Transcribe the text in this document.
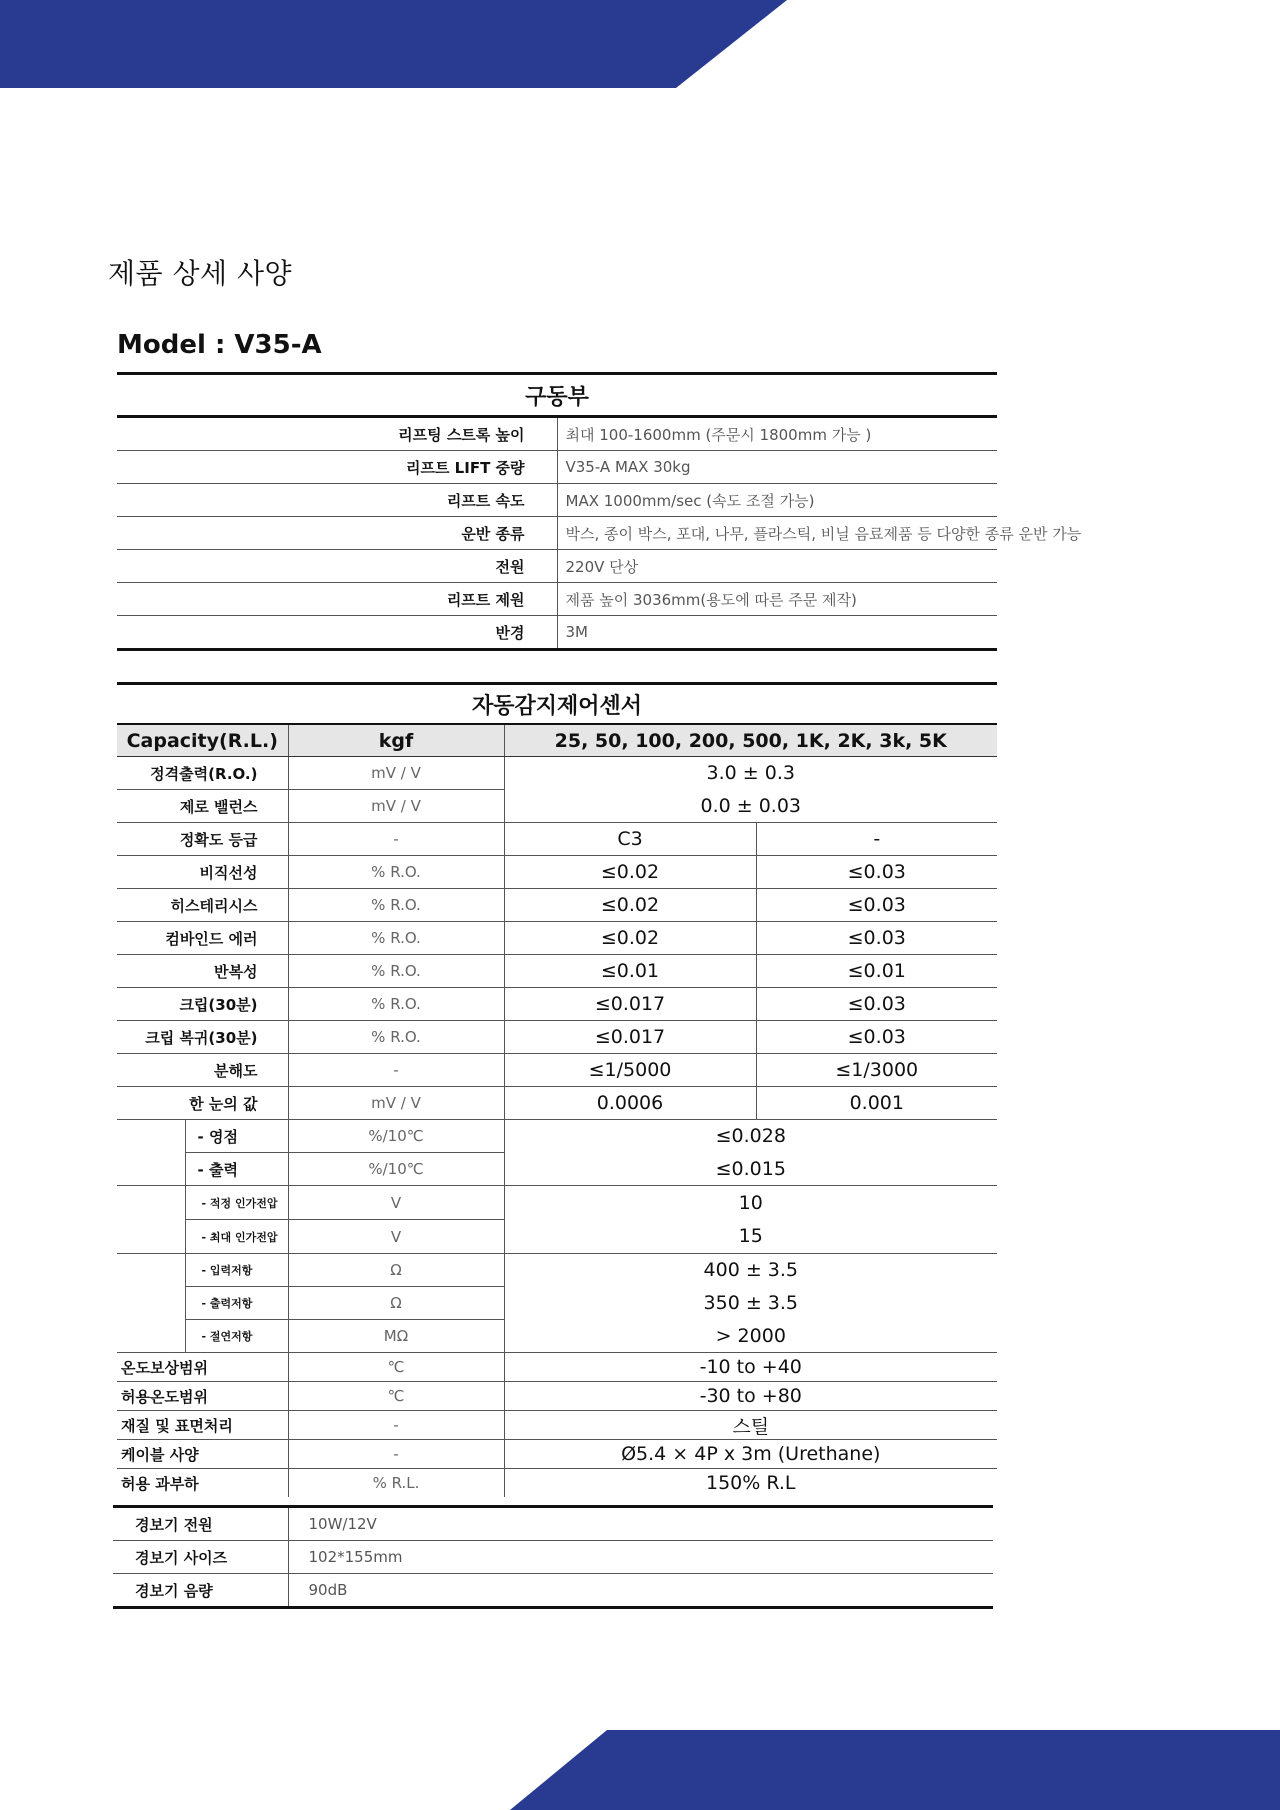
제품 상세 사양
Model : V35-A
구동부	
리프팅 스트록 높이	최대 100-1600mm (주문시 1800mm 가능 )
리프트 LIFT 중량	V35-A MAX 30kg
리프트 속도	MAX 1000mm/sec (속도 조절 가능)
운반 종류	박스, 종이 박스, 포대, 나무, 플라스틱, 비닐 음료제품 등 다양한 종류 운반 가능
전원	220V 단상
리프트 제원	제품 높이 3036mm(용도에 따른 주문 제작)
반경	3M
자동감지제어센서				
Capacity(R.L.)		kgf	25, 50, 100, 200, 500, 1K, 2K, 3k, 5K	
정격출력(R.O.)		mV / V	3.0 ± 0.3	
제로 밸런스		mV / V	0.0 ± 0.03	
정확도 등급		-	C3	-
비직선성		% R.O.	≤0.02	≤0.03
히스테리시스		% R.O.	≤0.02	≤0.03
컴바인드 에러		% R.O.	≤0.02	≤0.03
반복성		% R.O.	≤0.01	≤0.01
크립(30분)		% R.O.	≤0.017	≤0.03
크립 복귀(30분)		% R.O.	≤0.017	≤0.03
분해도		-	≤1/5000	≤1/3000
한 눈의 값		mV / V	0.0006	0.001
	- 영점	%/10℃	≤0.028	
	- 출력	%/10℃	≤0.015	
	- 적정 인가전압	V	10	
	- 최대 인가전압	V	15	
	- 입력저항	Ω	400 ± 3.5	
	- 출력저항	Ω	350 ± 3.5	
	- 절연저항	MΩ	> 2000	
온도보상범위		℃	-10 to +40	
허용온도범위		℃	-30 to +80	
재질 및 표면처리		-	스틸	
케이블 사양		-	Ø5.4 × 4P x 3m (Urethane)	
허용 과부하		% R.L.	150% R.L	
경보기 전원	10W/12V
경보기 사이즈	102*155mm
경보기 음량	90dB
